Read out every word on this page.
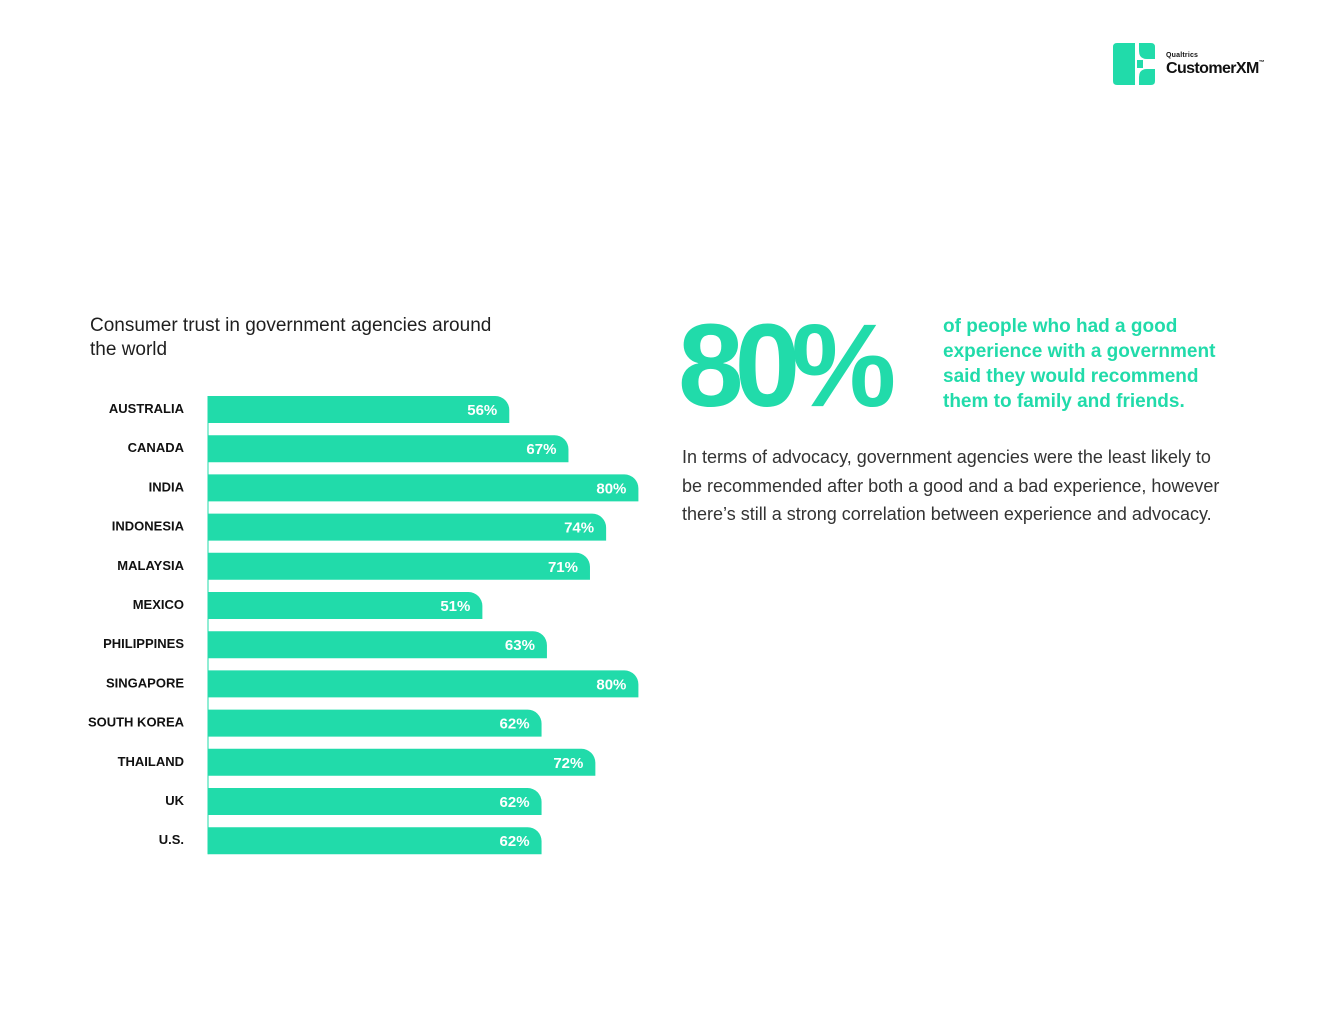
Qualtrics
CustomerXM™
Consumer trust in government agencies around the world
AUSTRALIA	56%
CANADA	67%
INDIA	80%
INDONESIA	74%
MALAYSIA	71%
MEXICO	51%
PHILIPPINES	63%
SINGAPORE	80%
SOUTH KOREA	62%
THAILAND	72%
UK	62%
U.S.	62%
80%	of people who had a good experience with a government said they would recommend them to family and friends.
In terms of advocacy, government agencies were the least likely to be recommended after both a good and a bad experience, however there’s still a strong correlation between experience and advocacy.
